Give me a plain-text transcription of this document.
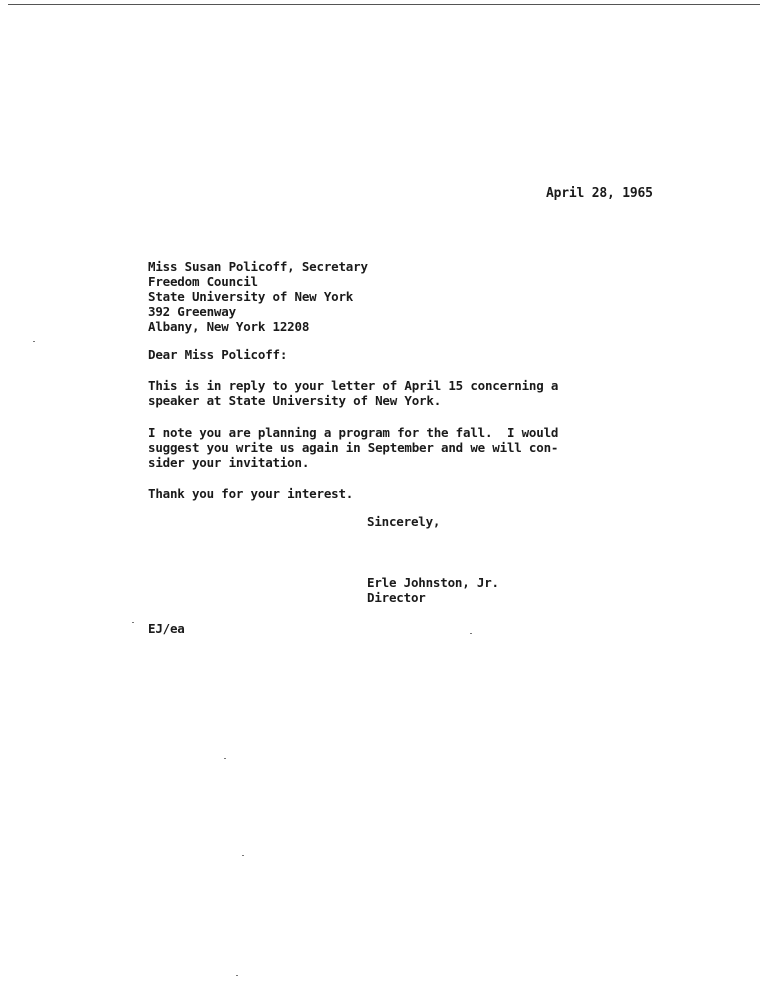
April 28, 1965
Miss Susan Policoff, Secretary
Freedom Council
State University of New York
392 Greenway
Albany, New York 12208
Dear Miss Policoff:
This is in reply to your letter of April 15 concerning a
speaker at State University of New York.
I note you are planning a program for the fall.  I would
suggest you write us again in September and we will con-
sider your invitation.
Thank you for your interest.
Sincerely,
Erle Johnston, Jr.
Director
EJ/ea
